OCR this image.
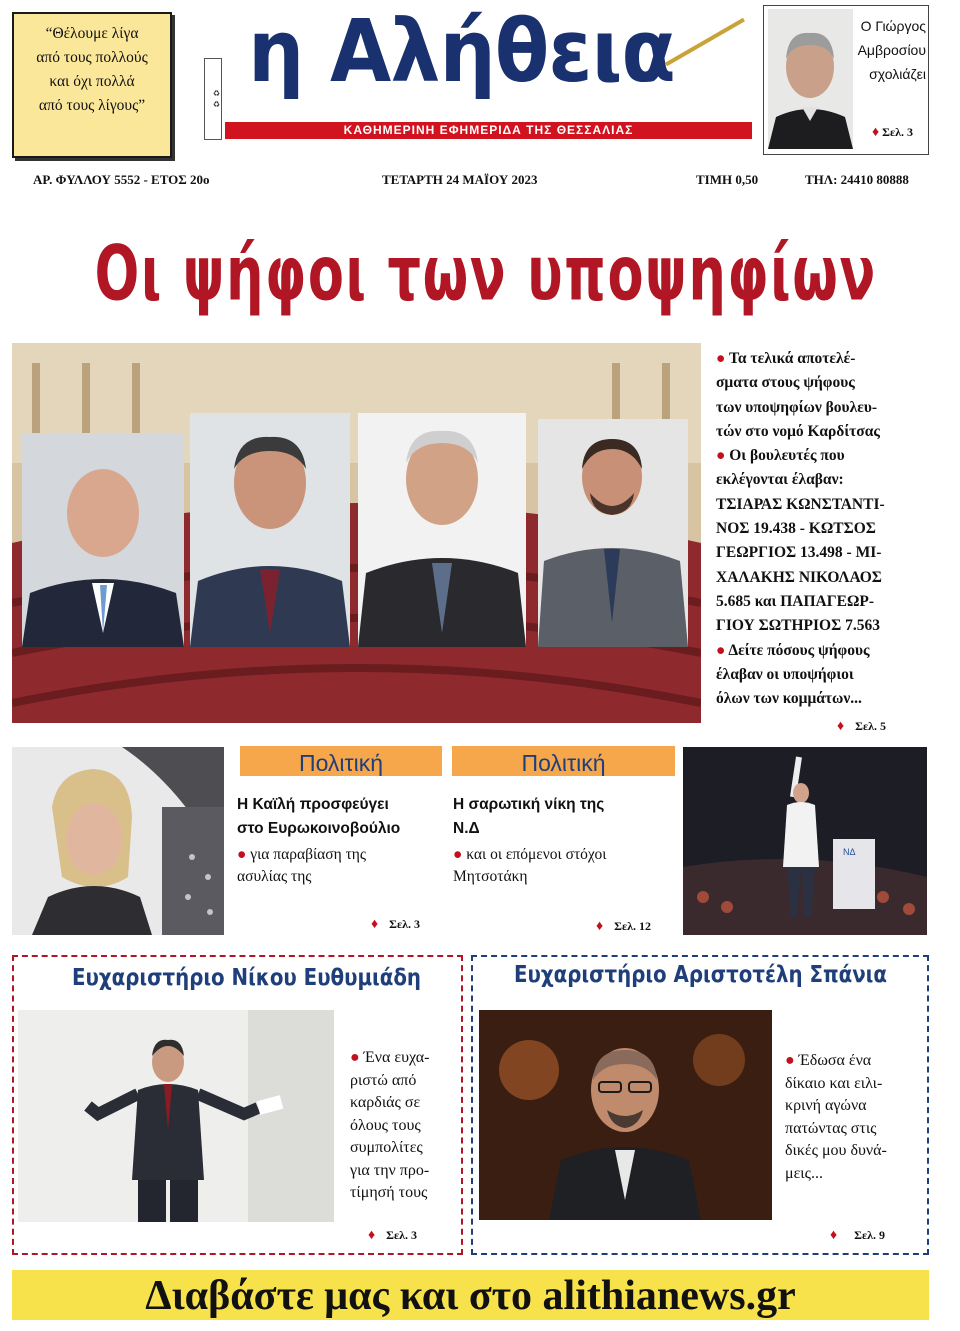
“Θέλουμε λίγα
από τους πολλούς
και όχι πολλά
από τους λίγους”	♻ ♻ η Αλήθεια
ΚΑΘΗΜΕΡΙΝΗ ΕΦΗΜΕΡΙΔΑ ΤΗΣ ΘΕΣΣΑΛΙΑΣ
Ο Γιώργος
Αμβροσίου
σχολιάζει
♦ Σελ. 3
ΑΡ. ΦΥΛΛΟΥ 5552 - ΕΤΟΣ 20ο	ΤΕΤΑΡΤΗ 24 ΜΑΪΟΥ 2023	ΤΙΜΗ 0,50	ΤΗΛ: 24410 80888
Οι ψήφοι των υποψηφίων
● Τα τελικά αποτελέ-
σματα στους ψήφους
των υποψηφίων βουλευ-
τών στο νομό Καρδίτσας
● Οι βουλευτές που
εκλέγονται έλαβαν:
ΤΣΙΑΡΑΣ ΚΩΝΣΤΑΝΤΙ-
ΝΟΣ 19.438 - ΚΩΤΣΟΣ
ΓΕΩΡΓΙΟΣ 13.498 - ΜΙ-
ΧΑΛΑΚΗΣ ΝΙΚΟΛΑΟΣ
5.685 και ΠΑΠΑΓΕΩΡ-
ΓΙΟΥ ΣΩΤΗΡΙΟΣ 7.563
● Δείτε πόσους ψήφους
έλαβαν οι υποψήφιοι
όλων των κομμάτων...
♦ Σελ. 5
Πολιτική
Η Καϊλή προσφεύγει
στο Ευρωκοινοβούλιο
● για παραβίαση της
ασυλίας της
♦ Σελ. 3
Πολιτική
Η σαρωτική νίκη της
Ν.Δ
● και οι επόμενοι στόχοι
Μητσοτάκη
♦ Σελ. 12
ΝΔ
Ευχαριστήριο Νίκου Ευθυμιάδη
● Ένα ευχα-
ριστώ από
καρδιάς σε
όλους τους
συμπολίτες
για την προ-
τίμησή τους
♦ Σελ. 3
Ευχαριστήριο Αριστοτέλη Σπάνια
● Έδωσα ένα
δίκαιο και ειλι-
κρινή αγώνα
πατώντας στις
δικές μου δυνά-
μεις...
♦ Σελ. 9
Διαβάστε μας και στο alithianews.gr
